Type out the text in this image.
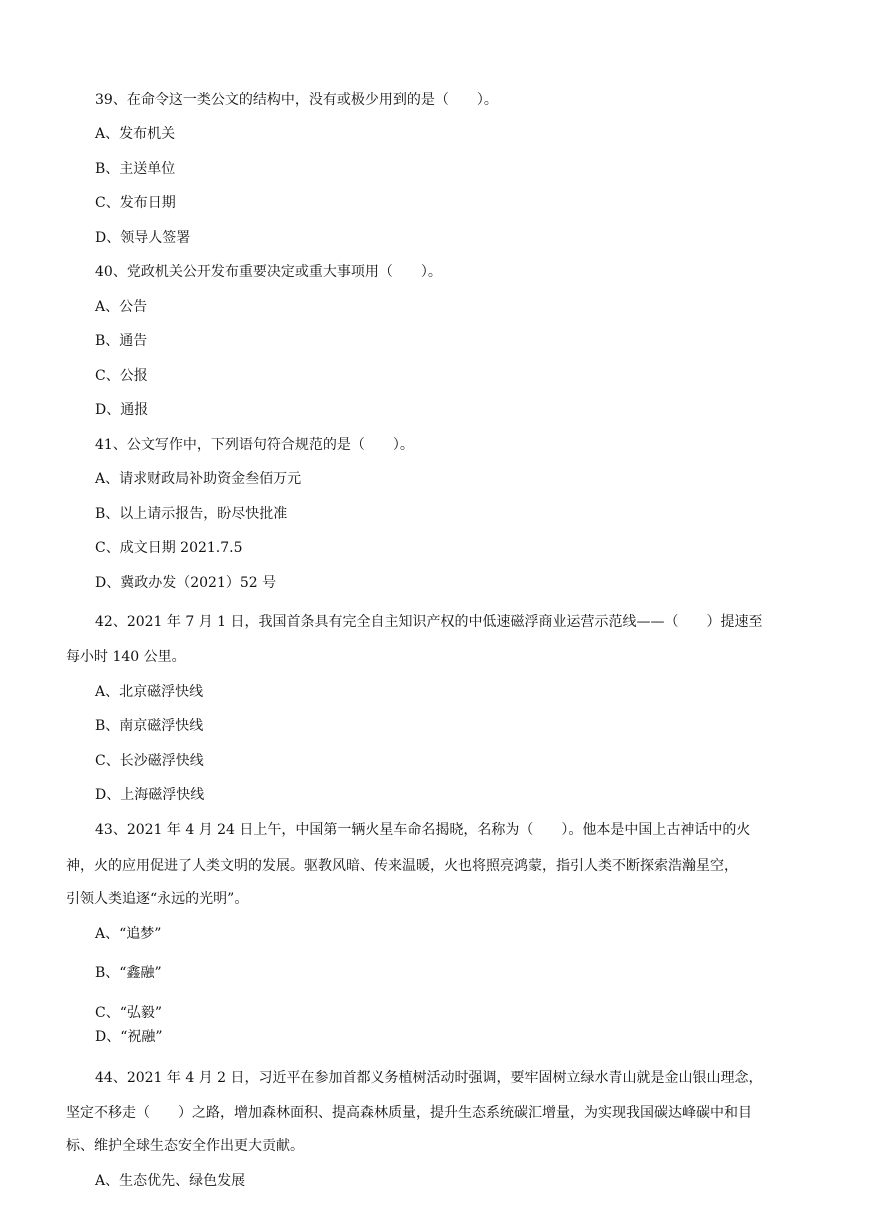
39、在命令这一类公文的结构中，没有或极少用到的是（　　）。
A、发布机关
B、主送单位
C、发布日期
D、领导人签署
40、党政机关公开发布重要决定或重大事项用（　　）。
A、公告
B、通告
C、公报
D、通报
41、公文写作中，下列语句符合规范的是（　　）。
A、请求财政局补助资金叁佰万元
B、以上请示报告，盼尽快批准
C、成文日期 2021.7.5
D、冀政办发（2021）52 号
42、2021 年 7 月 1 日，我国首条具有完全自主知识产权的中低速磁浮商业运营示范线——（　　）提速至
每小时 140 公里。
A、北京磁浮快线
B、南京磁浮快线
C、长沙磁浮快线
D、上海磁浮快线
43、2021 年 4 月 24 日上午，中国第一辆火星车命名揭晓，名称为（　　）。他本是中国上古神话中的火
神，火的应用促进了人类文明的发展。驱教风暗、传来温暖，火也将照亮鸿蒙，指引人类不断探索浩瀚星空，
引领人类追逐“永远的光明”。
A、“追梦”
B、“鑫融”
C、“弘毅”
D、“祝融”
44、2021 年 4 月 2 日，习近平在参加首都义务植树活动时强调，要牢固树立绿水青山就是金山银山理念，
坚定不移走（　　）之路，增加森林面积、提高森林质量，提升生态系统碳汇增量，为实现我国碳达峰碳中和目
标、维护全球生态安全作出更大贡献。
A、生态优先、绿色发展
